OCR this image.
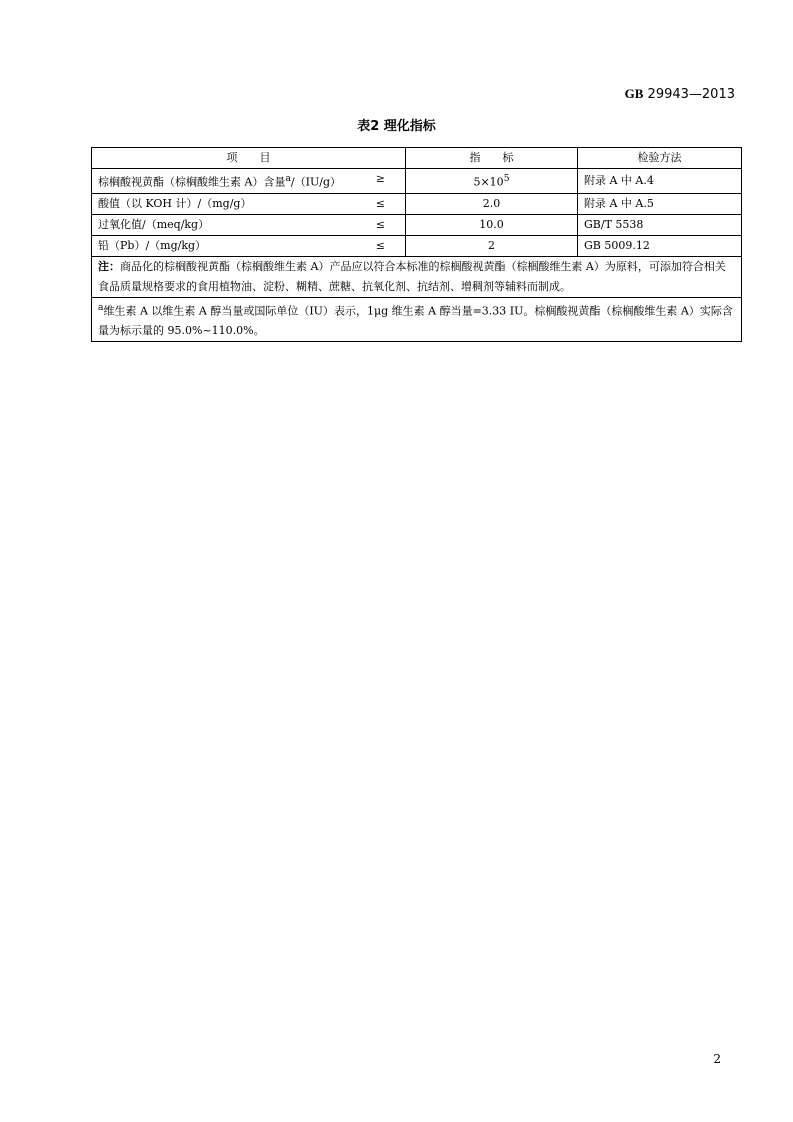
GB 29943—2013
表2 理化指标
项　　目	指　　标	检验方法

棕榈酸视黄酯（棕榈酸维生素 A）含量$^a$/（IU/g） ≥	$5\times 10^5$	附录 A 中 A.4

酸值（以 KOH 计）/（mg/g） ≤	2.0	附录 A 中 A.5

过氧化值/（meq/kg） ≤	10.0	GB/T 5538

铅（Pb）/（mg/kg） ≤	2	GB 5009.12
注：商品化的棕榈酸视黄酯（棕榈酸维生素 A）产品应以符合本标准的棕榈酸视黄酯（棕榈酸维生素 A）为原料，可添加符合相关食品质量规格要求的食用植物油、淀粉、糊精、蔗糖、抗氧化剂、抗结剂、增稠剂等辅料而制成。		
$^a$维生素 A 以维生素 A 醇当量或国际单位（IU）表示，1μg 维生素 A 醇当量=3.33 IU。棕榈酸视黄酯（棕榈酸维生素 A）实际含量为标示量的 95.0%~110.0%。		
2
